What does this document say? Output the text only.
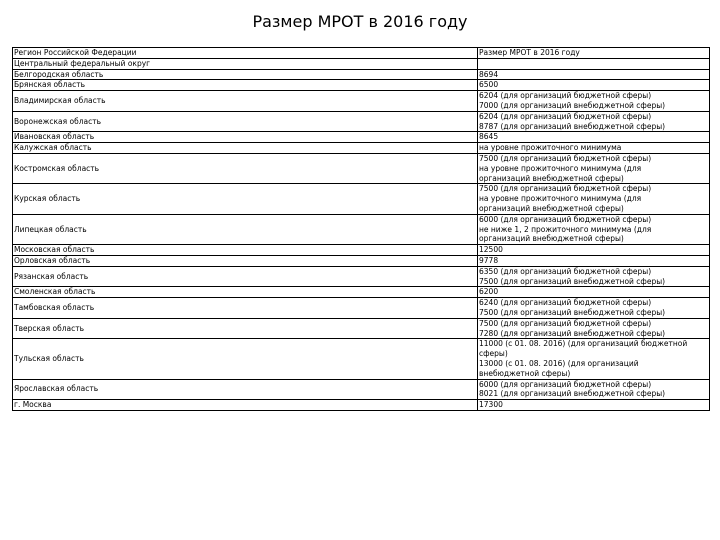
Размер МРОТ в 2016 году
Регион Российской Федерации	Размер МРОТ в 2016 году
Центральный федеральный округ	
Белгородская область	8694

Брянская область	6500

Владимирская область	6204 (для организаций бюджетной сферы)
7000 (для организаций внебюджетной сферы)

Воронежская область	6204 (для организаций бюджетной сферы)
8787 (для организаций внебюджетной сферы)

Ивановская область	8645

Калужская область	на уровне прожиточного минимума

Костромская область	7500 (для организаций бюджетной сферы)
на уровне прожиточного минимума (для
организаций внебюджетной сферы)

Курская область	7500 (для организаций бюджетной сферы)
на уровне прожиточного минимума (для
организаций внебюджетной сферы)

Липецкая область	6000 (для организаций бюджетной сферы)
не ниже 1, 2 прожиточного минимума (для
организаций внебюджетной сферы)

Московская область	12500

Орловская область	9778

Рязанская область	6350 (для организаций бюджетной сферы)
7500 (для организаций внебюджетной сферы)

Смоленская область	6200

Тамбовская область	6240 (для организаций бюджетной сферы)
7500 (для организаций внебюджетной сферы)

Тверская область	7500 (для организаций бюджетной сферы)
7280 (для организаций внебюджетной сферы)

Тульская область	11000 (с 01. 08. 2016) (для организаций бюджетной
сферы)
13000 (с 01. 08. 2016) (для организаций
внебюджетной сферы)

Ярославская область	6000 (для организаций бюджетной сферы)
8021 (для организаций внебюджетной сферы)

г. Москва	17300
